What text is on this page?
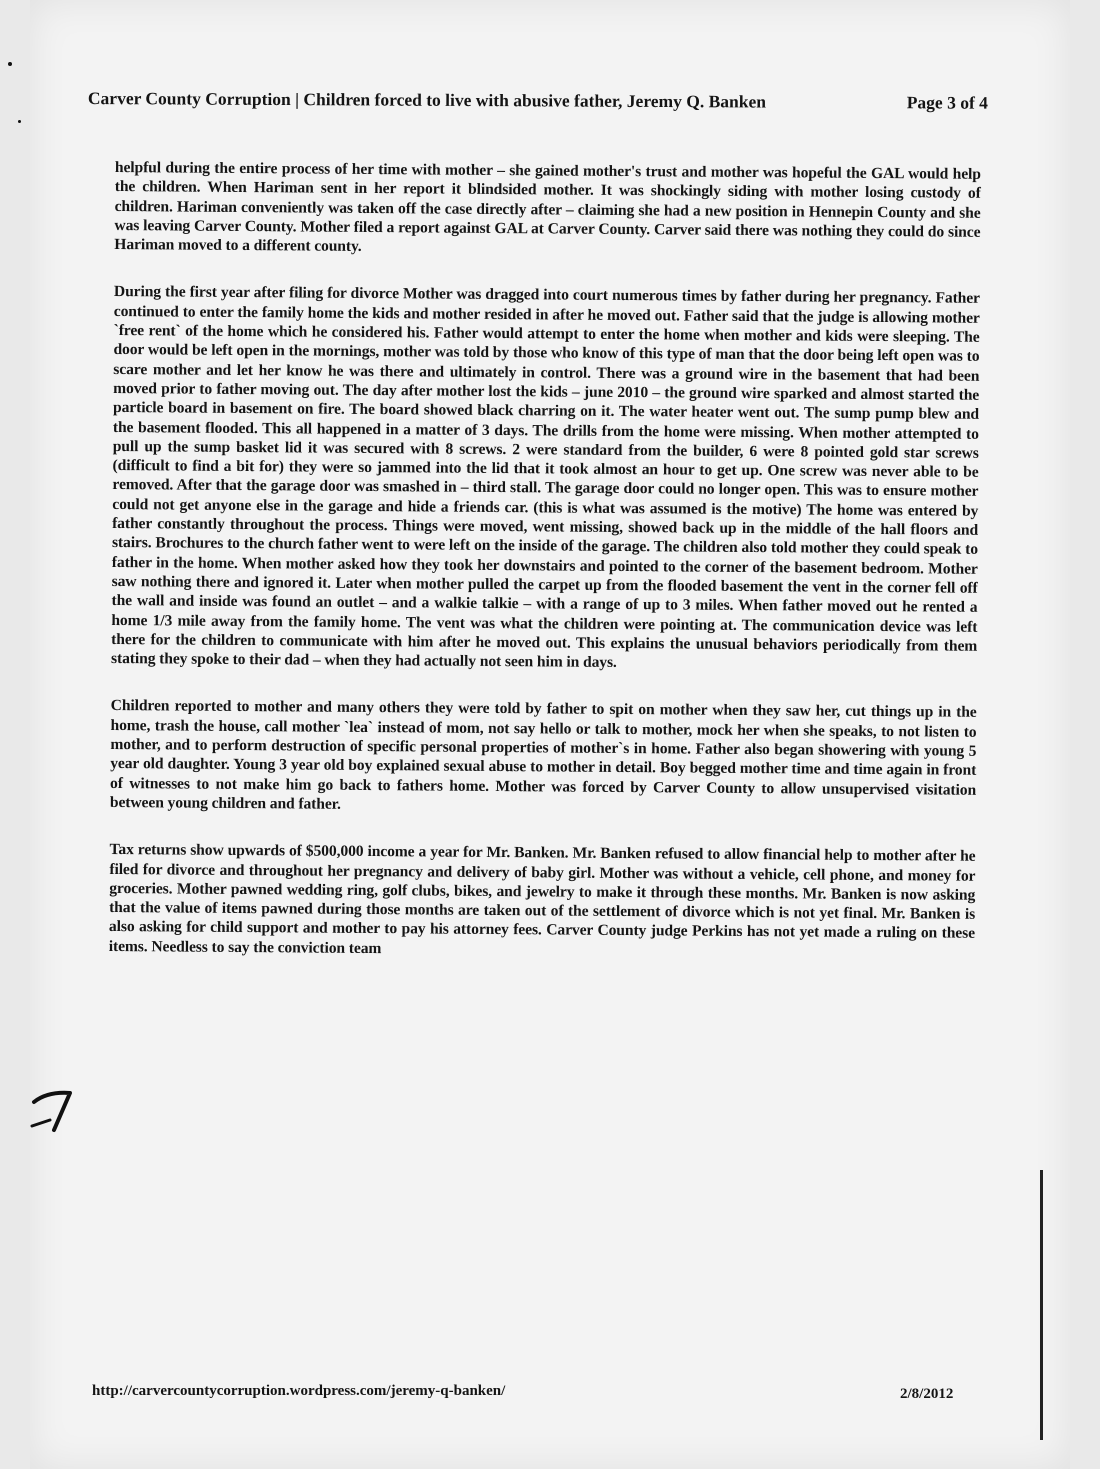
Carver County Corruption | Children forced to live with abusive father, Jeremy Q. Banken	Page 3 of 4

helpful during the entire process of her time with mother – she gained mother's trust and mother was hopeful the GAL would help the children. When Hariman sent in her report it blindsided mother. It was shockingly siding with mother losing custody of children. Hariman conveniently was taken off the case directly after – claiming she had a new position in Hennepin County and she was leaving Carver County. Mother filed a report against GAL at Carver County. Carver said there was nothing they could do since Hariman moved to a different county.

During the first year after filing for divorce Mother was dragged into court numerous times by father during her pregnancy. Father continued to enter the family home the kids and mother resided in after he moved out. Father said that the judge is allowing mother `free rent` of the home which he considered his. Father would attempt to enter the home when mother and kids were sleeping. The door would be left open in the mornings, mother was told by those who know of this type of man that the door being left open was to scare mother and let her know he was there and ultimately in control. There was a ground wire in the basement that had been moved prior to father moving out. The day after mother lost the kids – june 2010 – the ground wire sparked and almost started the particle board in basement on fire. The board showed black charring on it. The water heater went out. The sump pump blew and the basement flooded. This all happened in a matter of 3 days. The drills from the home were missing. When mother attempted to pull up the sump basket lid it was secured with 8 screws. 2 were standard from the builder, 6 were 8 pointed gold star screws (difficult to find a bit for) they were so jammed into the lid that it took almost an hour to get up. One screw was never able to be removed. After that the garage door was smashed in – third stall. The garage door could no longer open. This was to ensure mother could not get anyone else in the garage and hide a friends car. (this is what was assumed is the motive) The home was entered by father constantly throughout the process. Things were moved, went missing, showed back up in the middle of the hall floors and stairs. Brochures to the church father went to were left on the inside of the garage. The children also told mother they could speak to father in the home. When mother asked how they took her downstairs and pointed to the corner of the basement bedroom. Mother saw nothing there and ignored it. Later when mother pulled the carpet up from the flooded basement the vent in the corner fell off the wall and inside was found an outlet – and a walkie talkie – with a range of up to 3 miles. When father moved out he rented a home 1/3 mile away from the family home. The vent was what the children were pointing at. The communication device was left there for the children to communicate with him after he moved out. This explains the unusual behaviors periodically from them stating they spoke to their dad – when they had actually not seen him in days.

Children reported to mother and many others they were told by father to spit on mother when they saw her, cut things up in the home, trash the house, call mother `lea` instead of mom, not say hello or talk to mother, mock her when she speaks, to not listen to mother, and to perform destruction of specific personal properties of mother`s in home. Father also began showering with young 5 year old daughter. Young 3 year old boy explained sexual abuse to mother in detail. Boy begged mother time and time again in front of witnesses to not make him go back to fathers home. Mother was forced by Carver County to allow unsupervised visitation between young children and father.

Tax returns show upwards of $500,000 income a year for Mr. Banken. Mr. Banken refused to allow financial help to mother after he filed for divorce and throughout her pregnancy and delivery of baby girl. Mother was without a vehicle, cell phone, and money for groceries. Mother pawned wedding ring, golf clubs, bikes, and jewelry to make it through these months. Mr. Banken is now asking that the value of items pawned during those months are taken out of the settlement of divorce which is not yet final. Mr. Banken is also asking for child support and mother to pay his attorney fees. Carver County judge Perkins has not yet made a ruling on these items. Needless to say the conviction team

http://carvercountycorruption.wordpress.com/jeremy-q-banken/	2/8/2012
